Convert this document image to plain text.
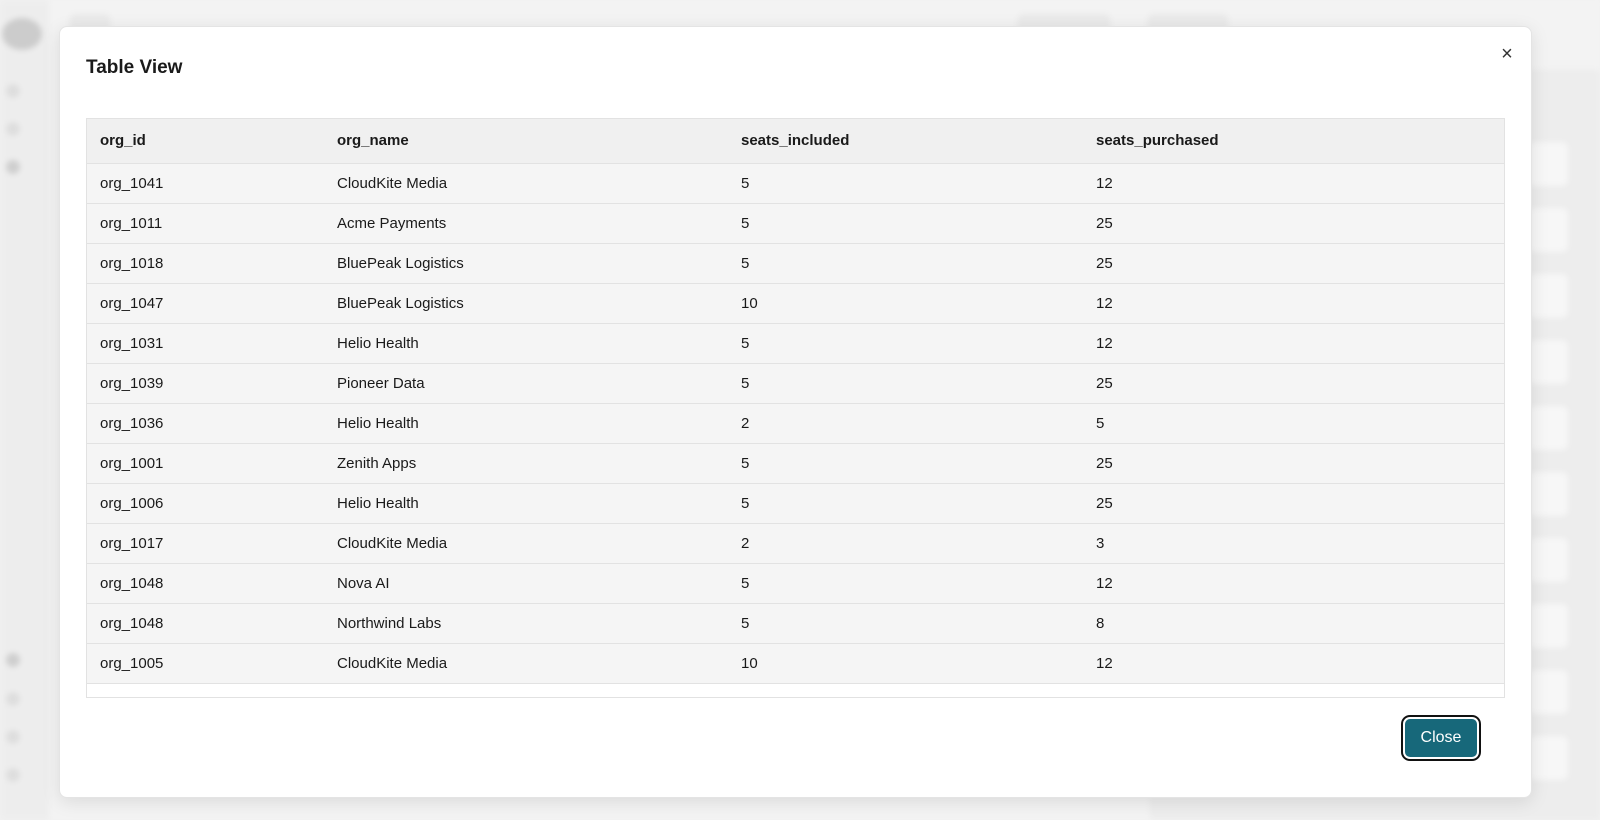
Table View
×
org_id	org_name	seats_included	seats_purchased
org_1041	CloudKite Media	5	12
org_1011	Acme Payments	5	25
org_1018	BluePeak Logistics	5	25
org_1047	BluePeak Logistics	10	12
org_1031	Helio Health	5	12
org_1039	Pioneer Data	5	25
org_1036	Helio Health	2	5
org_1001	Zenith Apps	5	25
org_1006	Helio Health	5	25
org_1017	CloudKite Media	2	3
org_1048	Nova AI	5	12
org_1048	Northwind Labs	5	8
org_1005	CloudKite Media	10	12
Close
